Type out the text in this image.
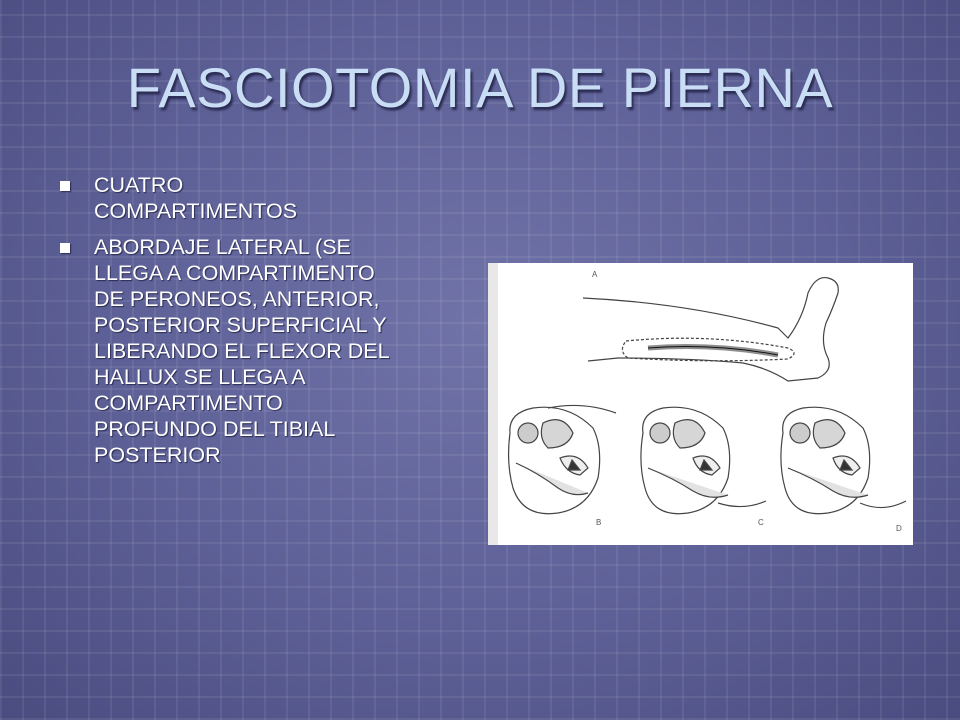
FASCIOTOMIA DE PIERNA
CUATRO
COMPARTIMENTOS
ABORDAJE LATERAL (SE
LLEGA A COMPARTIMENTO
DE PERONEOS, ANTERIOR,
POSTERIOR SUPERFICIAL Y
LIBERANDO EL FLEXOR DEL
HALLUX SE LLEGA A
COMPARTIMENTO
PROFUNDO DEL TIBIAL
POSTERIOR
A
B	C
D
